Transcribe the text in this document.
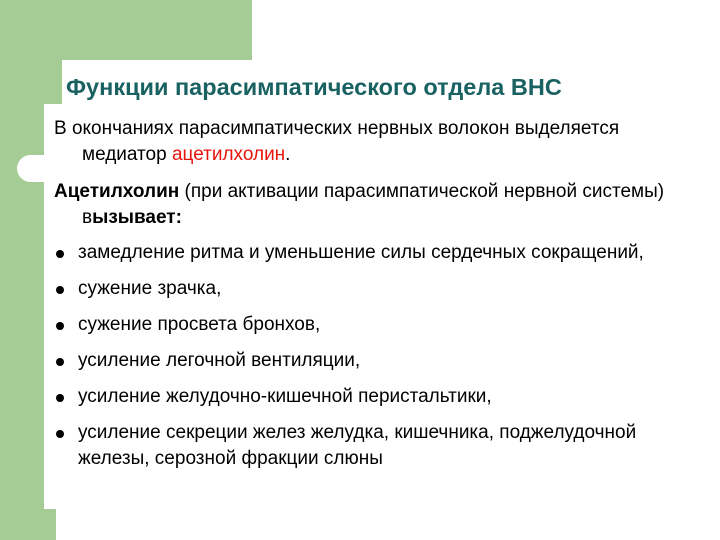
Функции парасимпатического отдела ВНС

В окончаниях парасимпатических нервных волокон выделяется медиатор ацетилхолин.

Ацетилхолин (при активации парасимпатической нервной системы) вызывает:

замедление ритма и уменьшение силы сердечных сокращений,
сужение зрачка,
сужение просвета бронхов,
усиление легочной вентиляции,
усиление желудочно-кишечной перистальтики,
усиление секреции желез желудка, кишечника, поджелудочной железы, серозной фракции слюны
